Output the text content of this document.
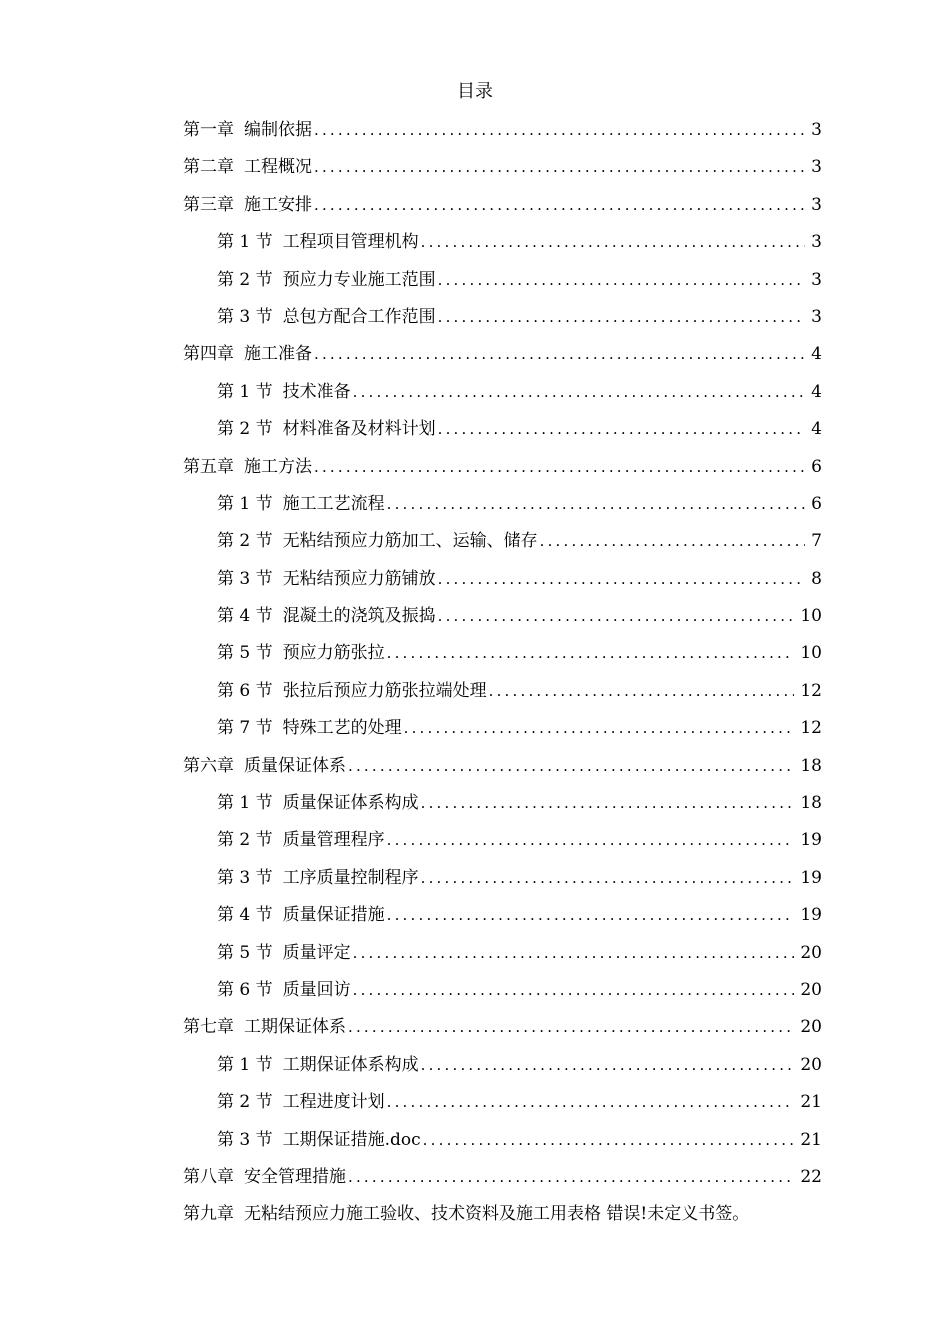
目录
第一章 编制依据 .....	3
第二章 工程概况 .....	3
第三章 施工安排 .....	3
第 1 节 工程项目管理机构 .....	3
第 2 节 预应力专业施工范围 .....	3
第 3 节 总包方配合工作范围 .....	3
第四章 施工准备 .....	4
第 1 节 技术准备 .....	4
第 2 节 材料准备及材料计划 .....	4
第五章 施工方法 .....	6
第 1 节 施工工艺流程 .....	6
第 2 节 无粘结预应力筋加工、运输、储存 .....	7
第 3 节 无粘结预应力筋铺放 .....	8
第 4 节 混凝土的浇筑及振捣 .....	10
第 5 节 预应力筋张拉 .....	10
第 6 节 张拉后预应力筋张拉端处理 .....	12
第 7 节 特殊工艺的处理 .....	12
第六章 质量保证体系 .....	18
第 1 节 质量保证体系构成 .....	18
第 2 节 质量管理程序 .....	19
第 3 节 工序质量控制程序 .....	19
第 4 节 质量保证措施 .....	19
第 5 节 质量评定 .....	20
第 6 节 质量回访 .....	20
第七章 工期保证体系 .....	20
第 1 节 工期保证体系构成 .....	20
第 2 节 工程进度计划 .....	21
第 3 节 工期保证措施.doc .....	21
第八章 安全管理措施 .....	22
第九章 无粘结预应力施工验收、技术资料及施工用表格 错误!未定义书签。
